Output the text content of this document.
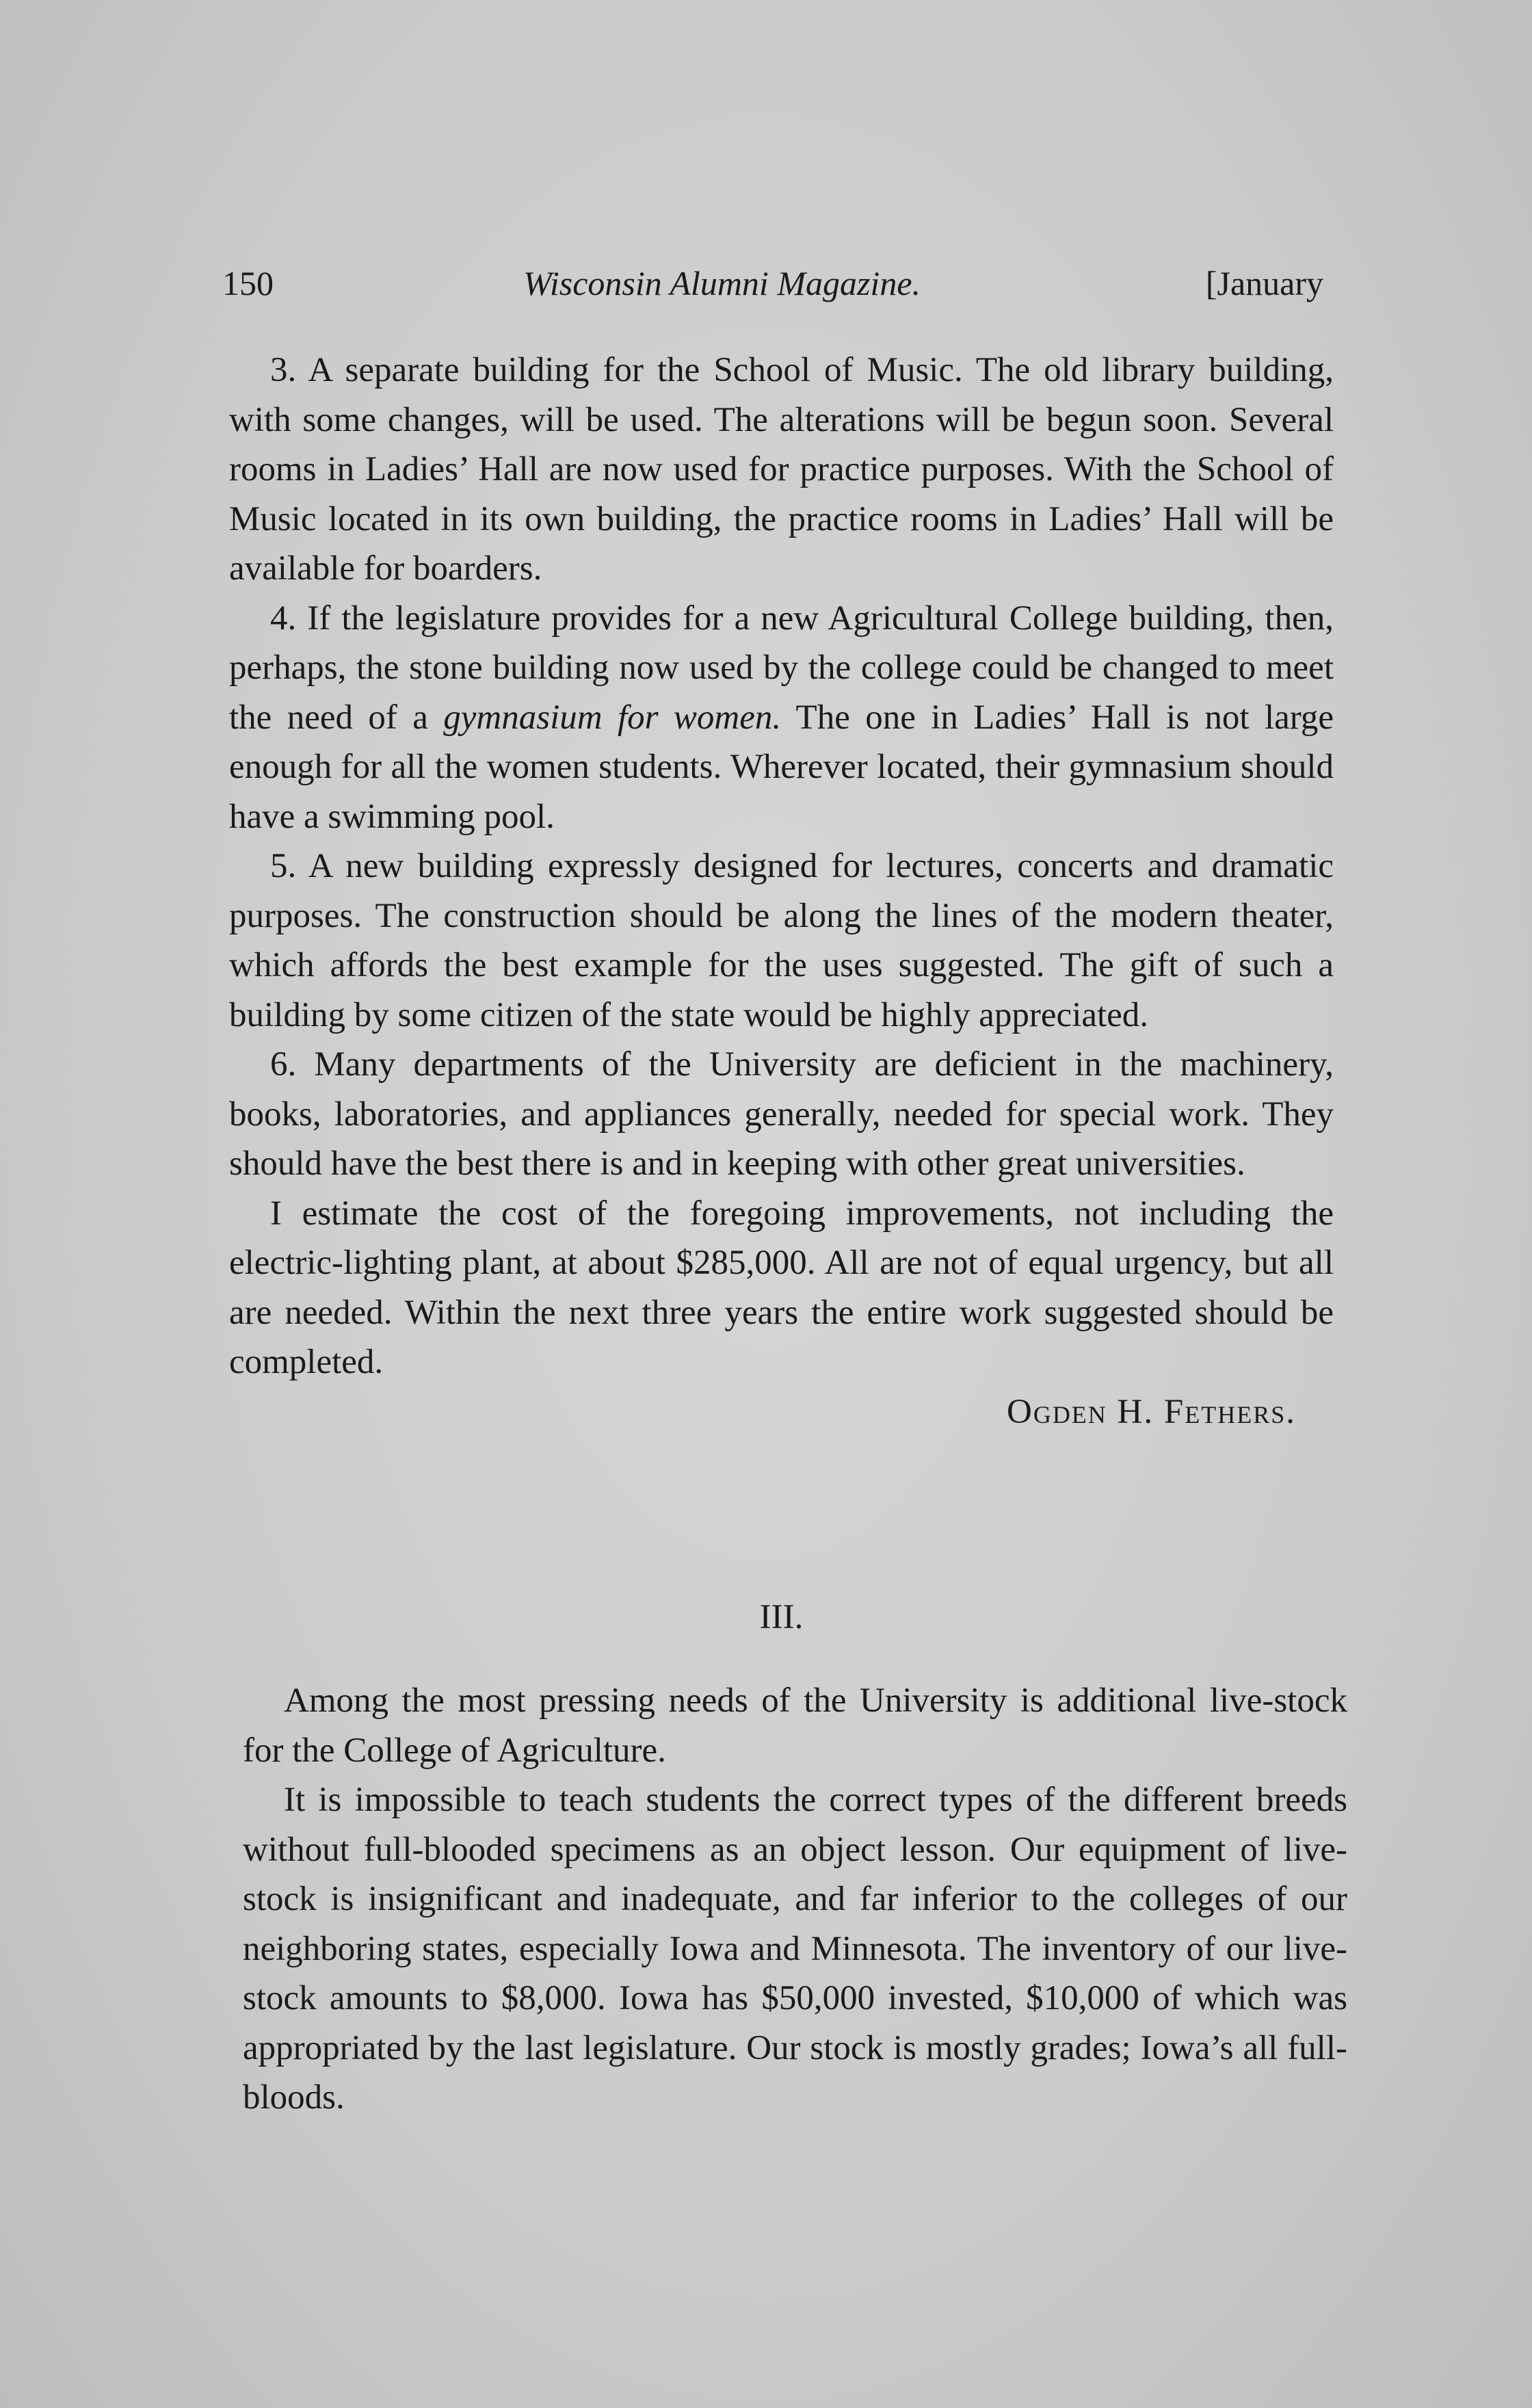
150	Wisconsin Alumni Magazine.	[January

3. A separate building for the School of Music. The old library building, with some changes, will be used. The alterations will be begun soon. Several rooms in Ladies’ Hall are now used for practice purposes. With the School of Music located in its own building, the practice rooms in Ladies’ Hall will be available for boarders.

4. If the legislature provides for a new Agricultural College building, then, perhaps, the stone building now used by the college could be changed to meet the need of a gymnasium for women. The one in Ladies’ Hall is not large enough for all the women students. Wherever located, their gymnasium should have a swimming pool.

5. A new building expressly designed for lectures, concerts and dramatic purposes. The construction should be along the lines of the modern theater, which affords the best example for the uses suggested. The gift of such a building by some citizen of the state would be highly appreciated.

6. Many departments of the University are deficient in the machinery, books, laboratories, and appliances generally, needed for special work. They should have the best there is and in keeping with other great universities.

I estimate the cost of the foregoing improvements, not including the electric-lighting plant, at about $285,000. All are not of equal urgency, but all are needed. Within the next three years the entire work suggested should be completed.

Ogden H. Fethers.

III.

Among the most pressing needs of the University is additional live-stock for the College of Agriculture.

It is impossible to teach students the correct types of the different breeds without full-blooded specimens as an object lesson. Our equipment of live-stock is insignificant and inadequate, and far inferior to the colleges of our neighboring states, especially Iowa and Minnesota. The inventory of our live-stock amounts to $8,000. Iowa has $50,000 invested, $10,000 of which was appropriated by the last legislature. Our stock is mostly grades; Iowa’s all fullbloods.
